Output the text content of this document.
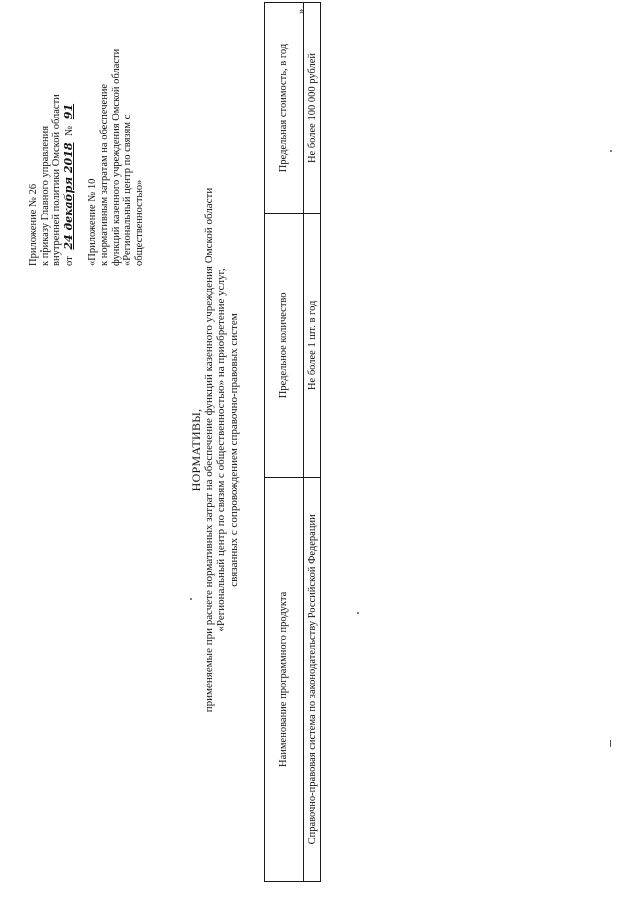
Приложение № 26 к приказу Главного управления внутренней политики Омской области от 24 декабря 2018 № 91
«Приложение № 10 к нормативным затратам на обеспечение функций казенного учреждения Омской области «Региональный центр по связям с общественностью»
НОРМАТИВЫ, применяемые при расчете нормативных затрат на обеспечение функций казенного учреждения Омской области «Региональный центр по связям с общественностью» на приобретение услуг, связанных с сопровождением справочно-правовых систем
Наименование программного продукта	Предельное количество	Предельная стоимость, в год
Справочно-правовая система по законодательству Российской Федерации	Не более 1 шт. в год	Не более 100 000 рублей
».
